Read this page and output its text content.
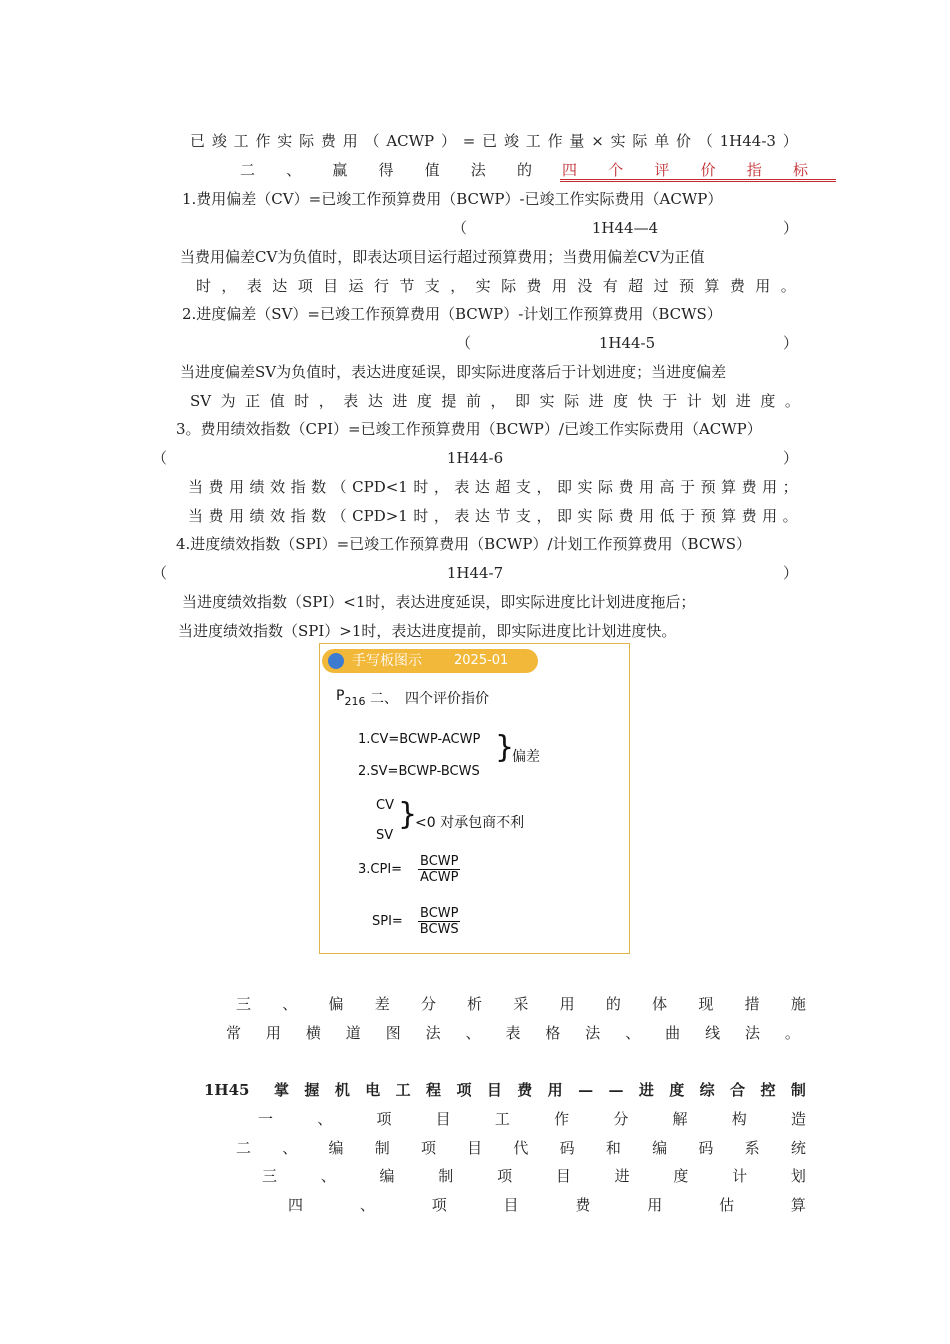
已 竣 工 作 实 际 费 用 （ ACWP ） = 已 竣 工 作 量 × 实 际 单 价 （ 1H44-3 ）
二 、 赢 得 值 法 的 四 个 评 价 指 标
1.费用偏差（CV）=已竣工作预算费用（BCWP）-已竣工作实际费用（ACWP）
（	1H44—4	）
当费用偏差CV为负值时，即表达项目运行超过预算费用；当费用偏差CV为正值
时 ， 表 达 项 目 运 行 节 支 ， 实 际 费 用 没 有 超 过 预 算 费 用 。
2.进度偏差（SV）=已竣工作预算费用（BCWP）-计划工作预算费用（BCWS）
（	1H44-5	）
当进度偏差SV为负值时，表达进度延误，即实际进度落后于计划进度；当进度偏差
SV 为 正 值 时 ， 表 达 进 度 提 前 ， 即 实 际 进 度 快 于 计 划 进 度 。
3。费用绩效指数（CPI）=已竣工作预算费用（BCWP）/已竣工作实际费用（ACWP）
（	1H44-6	）
当 费 用 绩 效 指 数 （ CPD<1 时 ， 表 达 超 支 ， 即 实 际 费 用 高 于 预 算 费 用 ；
当 费 用 绩 效 指 数 （ CPD>1 时 ， 表 达 节 支 ， 即 实 际 费 用 低 于 预 算 费 用 。
4.进度绩效指数（SPI）=已竣工作预算费用（BCWP）/计划工作预算费用（BCWS）
（	1H44-7	）
当进度绩效指数（SPI）<1时，表达进度延误，即实际进度比计划进度拖后；
当进度绩效指数（SPI）>1时，表达进度提前，即实际进度比计划进度快。
手写板图示 2025-01
$P_{216}$ 二、　四个评价指价
1.CV=BCWP-ACWP
2.SV=BCWP-BCWS
}
偏差
CV
SV
}
<0 对承包商不利
3.CPI=
BCWP
ACWP
SPI=
BCWP
BCWS
三 、 偏 差 分 析 采 用 的 体 现 措 施
常 用 横 道 图 法 、 表 格 法 、 曲 线 法 。
1H45 掌 握 机 电 工 程 项 目 费 用 — — 进 度 综 合 控 制
一	、	项	目	工	作	分	解	构	造
二 、 编 制 项 目 代 码 和 编 码 系 统
三	、	编	制	项	目	进	度	计	划
四	、	项	目	费	用	估	算
